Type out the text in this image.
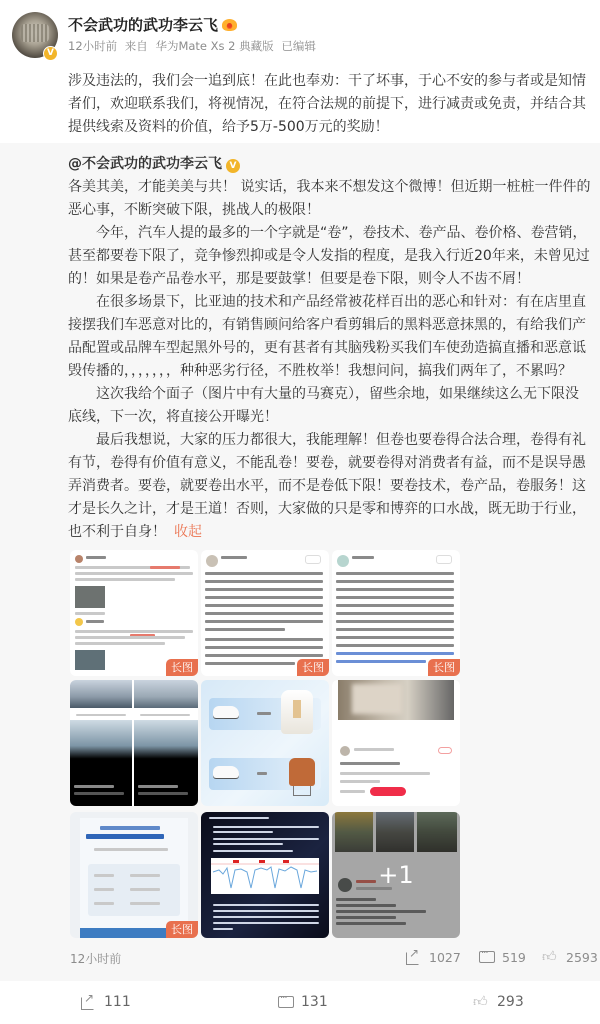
V
不会武功的武功李云飞
12小时前 来自 华为Mate Xs 2 典藏版 已编辑
涉及违法的，我们会一追到底！在此也奉劝：干了坏事，于心不安的参与者或是知情者们，欢迎联系我们，将视情况，在符合法规的前提下，进行减责或免责，并结合其提供线索及资料的价值，给予5万-500万元的奖励！
@不会武功的武功李云飞 V

各美其美，才能美美与共！ 说实话，我本来不想发这个微博！但近期一桩桩一件件的恶心事，不断突破下限，挑战人的极限！

今年，汽车人提的最多的一个字就是“卷”，卷技术、卷产品、卷价格、卷营销，甚至都要卷下限了，竞争惨烈抑或是令人发指的程度，是我入行近20年来，未曾见过的！如果是卷产品卷水平，那是要鼓掌！但要是卷下限，则令人不齿不屑！

在很多场景下，比亚迪的技术和产品经常被花样百出的恶心和针对：有在店里直接摆我们车恶意对比的，有销售顾问给客户看剪辑后的黑料恶意抹黑的，有给我们产品配置或品牌车型起黑外号的，更有甚者有其脑残粉买我们车使劲造搞直播和恶意诋毁传播的，，，，，，，种种恶劣行径，不胜枚举！我想问问，搞我们两年了，不累吗？

这次我给个面子（图片中有大量的马赛克），留些余地，如果继续这么无下限没底线，下一次，将直接公开曝光！

最后我想说，大家的压力都很大，我能理解！但卷也要卷得合法合理，卷得有礼有节，卷得有价值有意义，不能乱卷！要卷，就要卷得对消费者有益，而不是误导愚弄消费者。要卷，就要卷出水平，而不是卷低下限！要卷技术，卷产品，卷服务！这才是长久之计，才是王道！否则，大家做的只是零和博弈的口水战，既无助于行业，也不利于自身！ 收起

长图	长图	长图
长图
+1
12小时前 ↗	1027 ···	519 👍︎	2593
↗
111 ···	131 👍︎	293
